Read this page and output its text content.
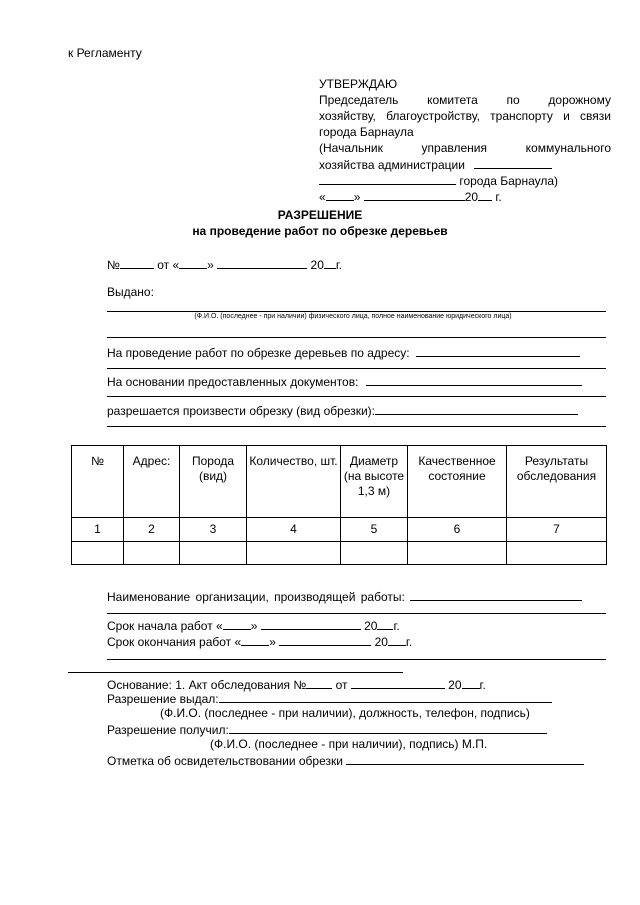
к Регламенту
УТВЕРЖДАЮ
Председатель комитета по дорожному
хозяйству, благоустройству, транспорту и связи
города Барнаула
(Начальник управления коммунального
хозяйства администрации
города Барнаула)
« »	20 г.
РАЗРЕШЕНИЕ
на проведение работ по обрезке деревьев
№	от « »	20 г.
Выдано:
(Ф.И.О. (последнее - при наличии) физического лица, полное наименование юридического лица)
На проведение работ по обрезке деревьев по адресу:
На основании предоставленных документов:
разрешается произвести обрезку (вид обрезки):
№	Адрес:	Порода (вид)	Количество, шт.	Диаметр (на высоте 1,3 м)	Качественное состояние	Результаты обследования
1	2	3	4	5	6	7

Наименование организации, производящей работы:
Срок начала работ « »	20 г.
Срок окончания работ « »	20 г.
Основание: 1. Акт обследования № от	20 г.
Разрешение выдал:
(Ф.И.О. (последнее - при наличии), должность, телефон, подпись)
Разрешение получил:
(Ф.И.О. (последнее - при наличии), подпись) М.П.
Отметка об освидетельствовании обрезки
